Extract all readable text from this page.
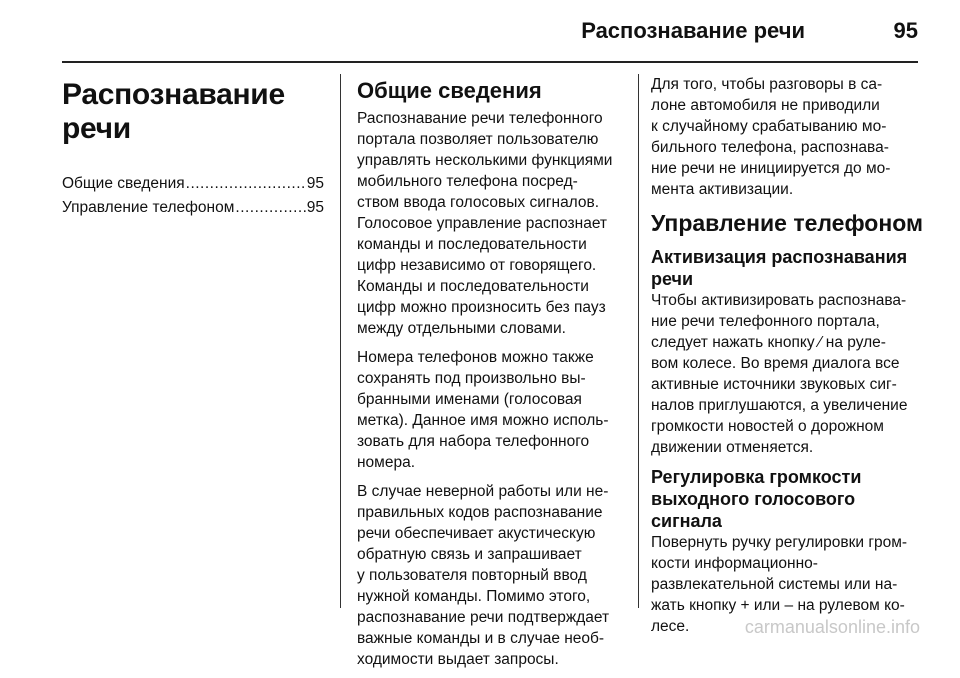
Распознавание речи	95
Распознавание речи
Общие сведения .....	95
Управление телефоном .....	95
Общие сведения
Распознавание речи телефонного
портала позволяет пользователю
управлять несколькими функциями
мобильного телефона посред-
ством ввода голосовых сигналов.
Голосовое управление распознает
команды и последовательности
цифр независимо от говорящего.
Команды и последовательности
цифр можно произносить без пауз
между отдельными словами.
Номера телефонов можно также
сохранять под произвольно вы-
бранными именами (голосовая
метка). Данное имя можно исполь-
зовать для набора телефонного
номера.
В случае неверной работы или не-
правильных кодов распознавание
речи обеспечивает акустическую
обратную связь и запрашивает
у пользователя повторный ввод
нужной команды. Помимо этого,
распознавание речи подтверждает
важные команды и в случае необ-
ходимости выдает запросы.
Для того, чтобы разговоры в са-
лоне автомобиля не приводили
к случайному срабатыванию мо-
бильного телефона, распознава-
ние речи не инициируется до мо-
мента активизации.
Управление телефоном
Активизация распознавания
речи
Чтобы активизировать распознава-
ние речи телефонного портала,
следует нажать кнопку ⁄ на руле-
вом колесе. Во время диалога все
активные источники звуковых сиг-
налов приглушаются, а увеличение
громкости новостей о дорожном
движении отменяется.
Регулировка громкости
выходного голосового
сигнала
Повернуть ручку регулировки гром-
кости информационно-
развлекательной системы или на-
жать кнопку + или – на рулевом ко-
лесе.	carmanualsonline.info
